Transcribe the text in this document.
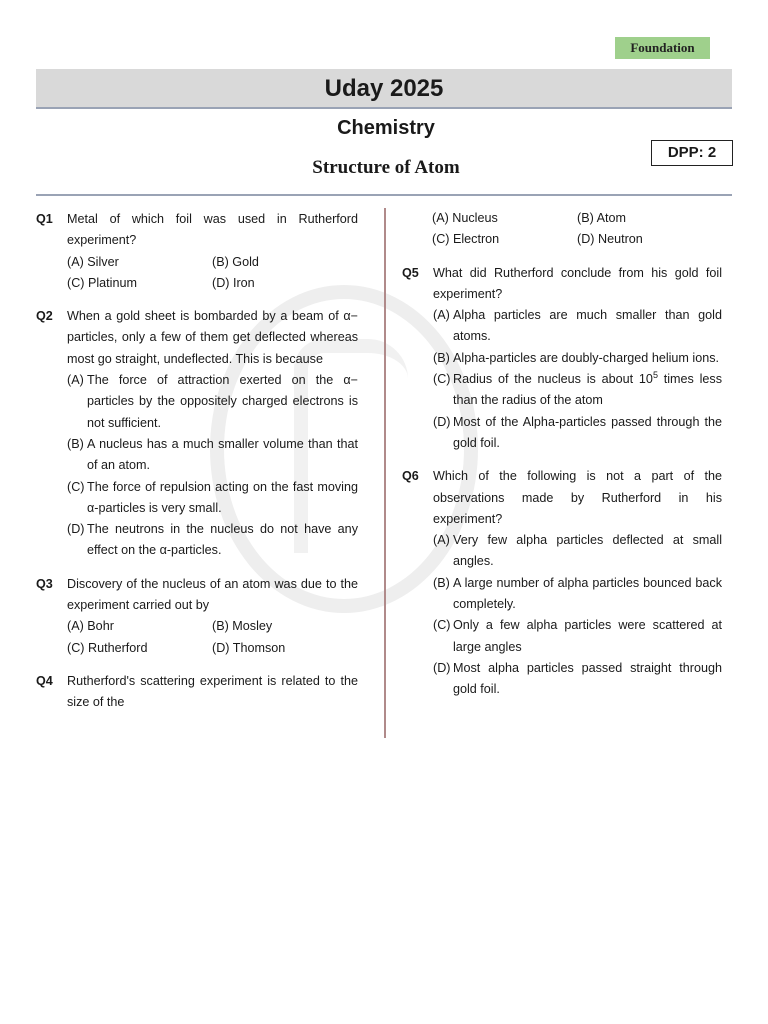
Foundation
Uday 2025
Chemistry
Structure of Atom
DPP: 2
Q1 Metal of which foil was used in Rutherford experiment?
(A) Silver	(B) Gold
(C) Platinum	(D) Iron
Q2 When a gold sheet is bombarded by a beam of α− particles, only a few of them get deflected whereas most go straight, undeflected. This is because
(A) The force of attraction exerted on the α− particles by the oppositely charged electrons is not sufficient.
(B) A nucleus has a much smaller volume than that of an atom.
(C) The force of repulsion acting on the fast moving α-particles is very small.
(D) The neutrons in the nucleus do not have any effect on the α-particles.
Q3 Discovery of the nucleus of an atom was due to the experiment carried out by
(A) Bohr	(B) Mosley
(C) Rutherford	(D) Thomson
Q4 Rutherford's scattering experiment is related to the size of the
(A) Nucleus	(B) Atom
(C) Electron	(D) Neutron
Q5 What did Rutherford conclude from his gold foil experiment?
(A) Alpha particles are much smaller than gold atoms.
(B) Alpha-particles are doubly-charged helium ions.
(C) Radius of the nucleus is about $10^5$ times less than the radius of the atom
(D) Most of the Alpha-particles passed through the gold foil.
Q6 Which of the following is not a part of the observations made by Rutherford in his experiment?
(A) Very few alpha particles deflected at small angles.
(B) A large number of alpha particles bounced back completely.
(C) Only a few alpha particles were scattered at large angles
(D) Most alpha particles passed straight through gold foil.
